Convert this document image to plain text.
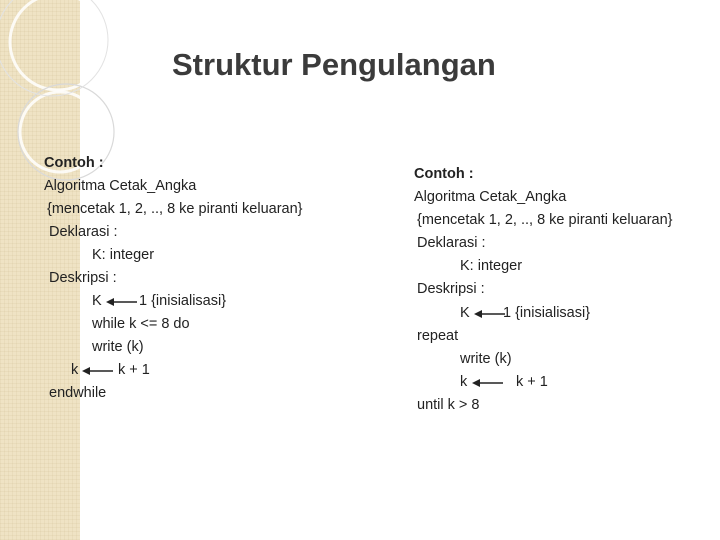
Struktur Pengulangan
Contoh :
Algoritma Cetak_Angka
{mencetak 1, 2, .., 8 ke piranti keluaran}
Deklarasi :
K: integer
Deskripsi :
K	1 {inisialisasi}
while k <= 8 do
write (k)
k	k + 1
endwhile
Contoh :
Algoritma Cetak_Angka
{mencetak 1, 2, .., 8 ke piranti keluaran}
Deklarasi :
K: integer
Deskripsi :
K 1 {inisialisasi}
repeat
write (k)
k	k + 1
until k > 8
